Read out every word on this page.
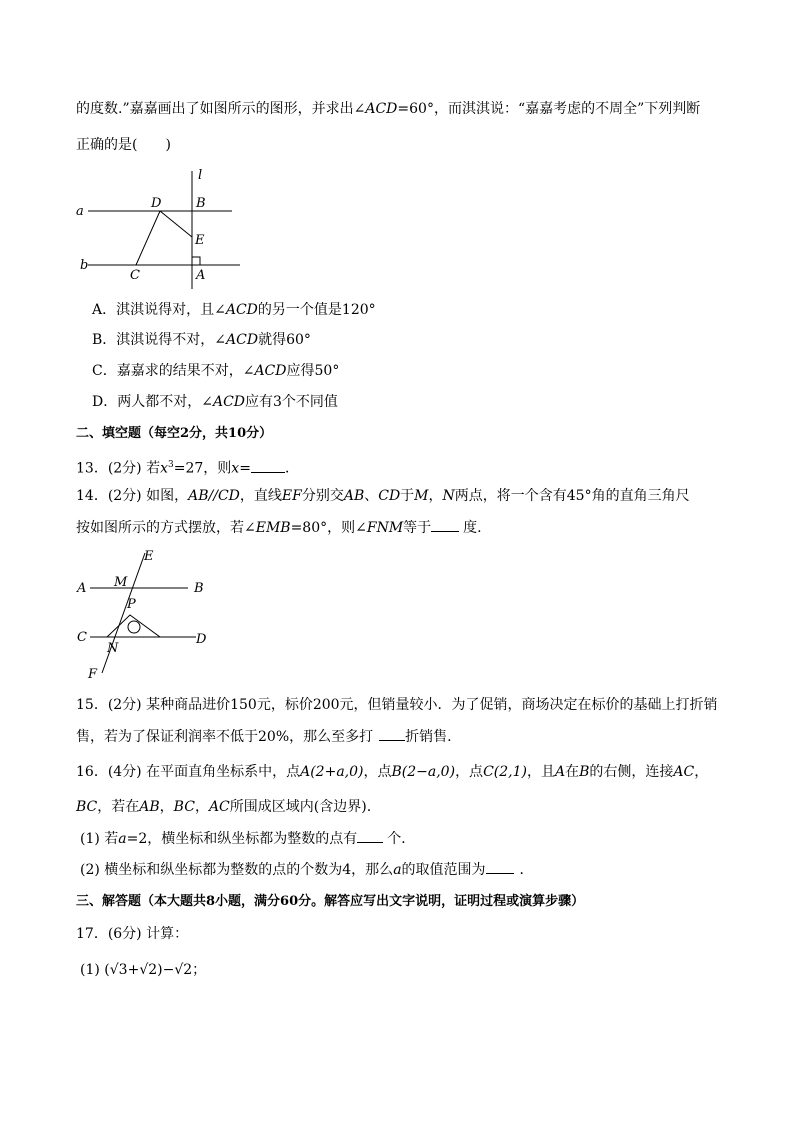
的度数.”嘉嘉画出了如图所示的图形，并求出∠ACD=60°，而淇淇说：“嘉嘉考虑的不周全”下列判断
正确的是(　　)
l
a
b
D	B
E
C	A
A．淇淇说得对，且∠ACD的另一个值是120°
B．淇淇说得不对，∠ACD就得60°
C．嘉嘉求的结果不对，∠ACD应得50°
D．两人都不对，∠ACD应有3个不同值
二、填空题（每空2分，共10分）
13．(2分) 若$x^3=27$，则x= ．
14．(2分) 如图，AB//CD，直线EF分别交AB、CD于M，N两点，将一个含有45°角的直角三角尺
按如图所示的方式摆放，若∠EMB=80°，则∠FNM等于 度.
E
A M	B
P
C
N
D
F
15．(2分) 某种商品进价150元，标价200元，但销量较小．为了促销，商场决定在标价的基础上打折销
售，若为了保证利润率不低于20%，那么至多打 折销售.
16．(4分) 在平面直角坐标系中，点A(2+a,0)，点B(2−a,0)，点C(2,1)，且A在B的右侧，连接AC，
BC，若在AB，BC，AC所围成区域内(含边界).
(1) 若a=2，横坐标和纵坐标都为整数的点有 个．
(2) 横坐标和纵坐标都为整数的点的个数为4，那么a的取值范围为 ．
三、解答题（本大题共8小题，满分60分。解答应写出文字说明，证明过程或演算步骤）
17．(6分) 计算：
(1) (√3+√2)−√2；
